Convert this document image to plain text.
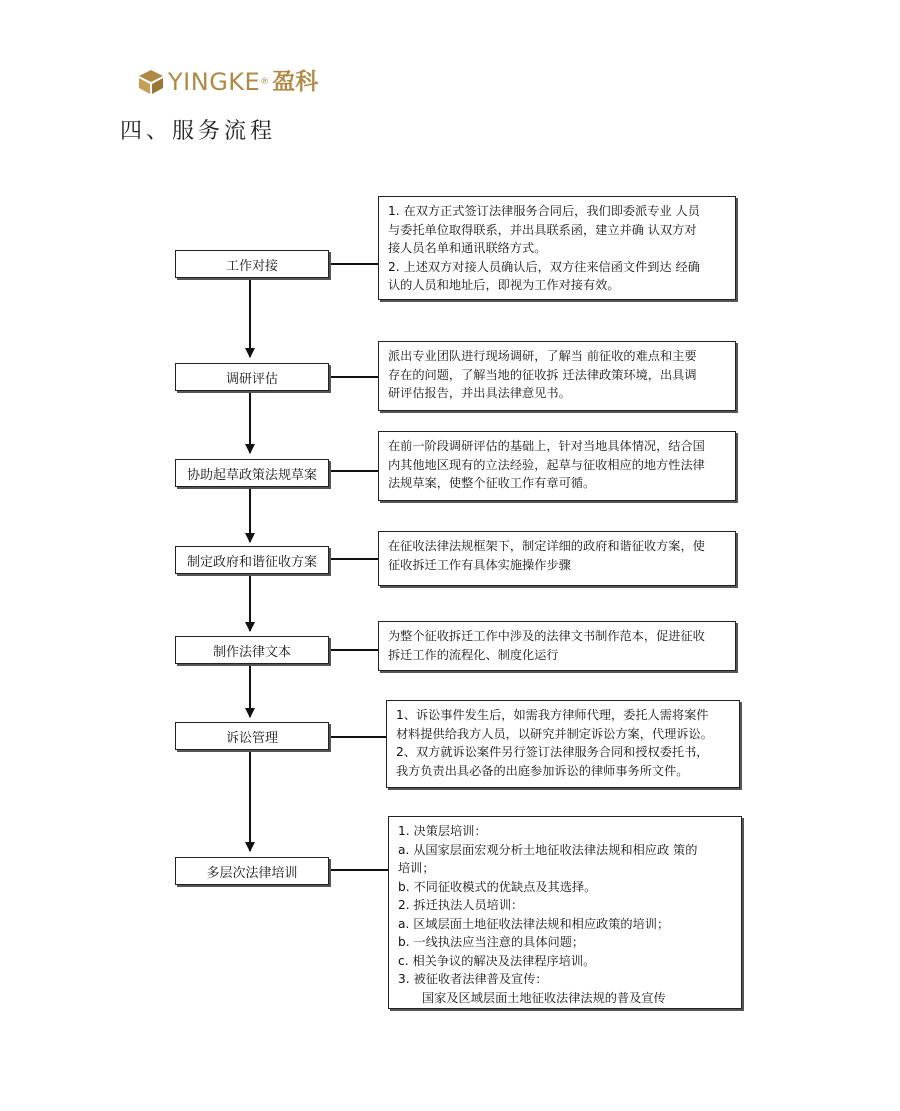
YINGKE ® 盈科
四、服务流程
工作对接
调研评估
协助起草政策法规草案
制定政府和谐征收方案
制作法律文本
诉讼管理
多层次法律培训

1. 在双方正式签订法律服务合同后，我们即委派专业 人员

与委托单位取得联系，并出具联系函，建立并确 认双方对

接人员名单和通讯联络方式。

2. 上述双方对接人员确认后，双方往来信函文件到达 经确

认的人员和地址后，即视为工作对接有效。

派出专业团队进行现场调研，了解当 前征收的难点和主要

存在的问题，了解当地的征收拆 迁法律政策环境，出具调

研评估报告，并出具法律意见书。

在前一阶段调研评估的基础上，针对当地具体情况，结合国

内其他地区现有的立法经验，起草与征收相应的地方性法律

法规草案，使整个征收工作有章可循。

在征收法律法规框架下，制定详细的政府和谐征收方案，使

征收拆迁工作有具体实施操作步骤

为整个征收拆迁工作中涉及的法律文书制作范本，促进征收

拆迁工作的流程化、制度化运行

1、诉讼事件发生后，如需我方律师代理，委托人需将案件

材料提供给我方人员，以研究并制定诉讼方案，代理诉讼。

2、双方就诉讼案件另行签订法律服务合同和授权委托书，

我方负责出具必备的出庭参加诉讼的律师事务所文件。

1. 决策层培训：

a. 从国家层面宏观分析土地征收法律法规和相应政 策的

培训；

b. 不同征收模式的优缺点及其选择。

2. 拆迁执法人员培训：

a. 区域层面土地征收法律法规和相应政策的培训；

b. 一线执法应当注意的具体问题；

c. 相关争议的解决及法律程序培训。

3. 被征收者法律普及宣传：

国家及区域层面土地征收法律法规的普及宣传
